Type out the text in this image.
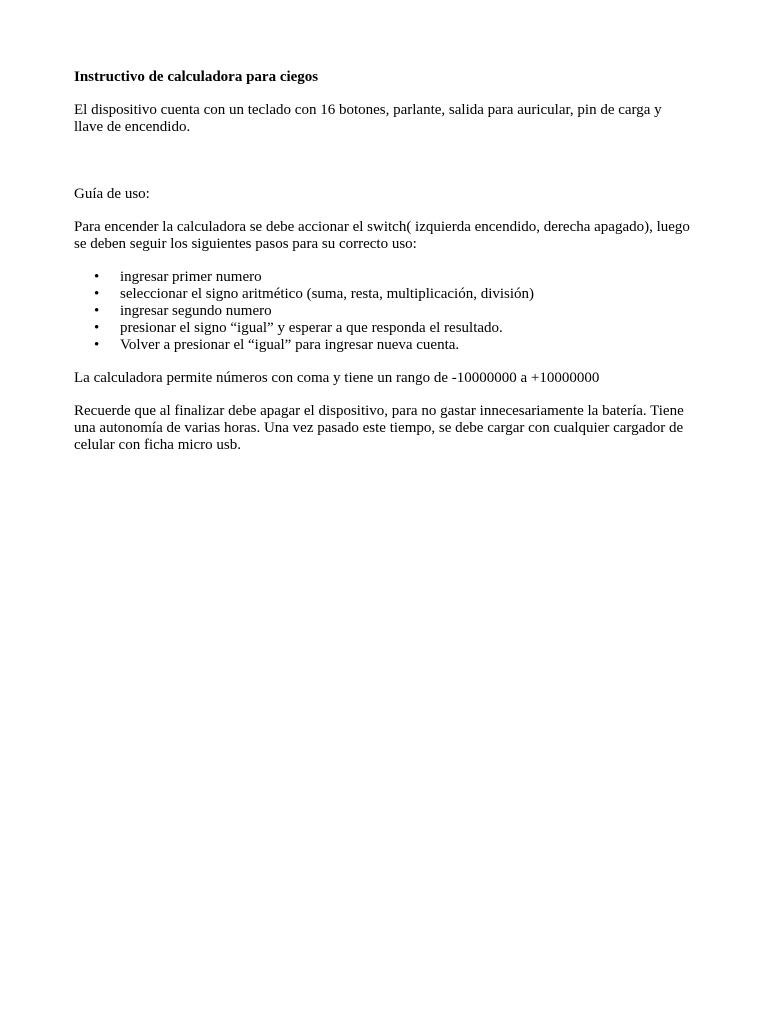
Instructivo de calculadora para ciegos

El dispositivo cuenta con un teclado con 16 botones, parlante, salida para auricular, pin de carga y llave de encendido.

Guía de uso:

Para encender la calculadora se debe accionar el switch( izquierda encendido, derecha apagado), luego se deben seguir los siguientes pasos para su correcto uso:

• ingresar primer numero
• seleccionar el signo aritmético (suma, resta, multiplicación, división)
• ingresar segundo numero
• presionar el signo “igual” y esperar a que responda el resultado.
• Volver a presionar el “igual” para ingresar nueva cuenta.

La calculadora permite números con coma y tiene un rango de -10000000 a +10000000

Recuerde que al finalizar debe apagar el dispositivo, para no gastar innecesariamente la batería. Tiene una autonomía de varias horas. Una vez pasado este tiempo, se debe cargar con cualquier cargador de celular con ficha micro usb.
